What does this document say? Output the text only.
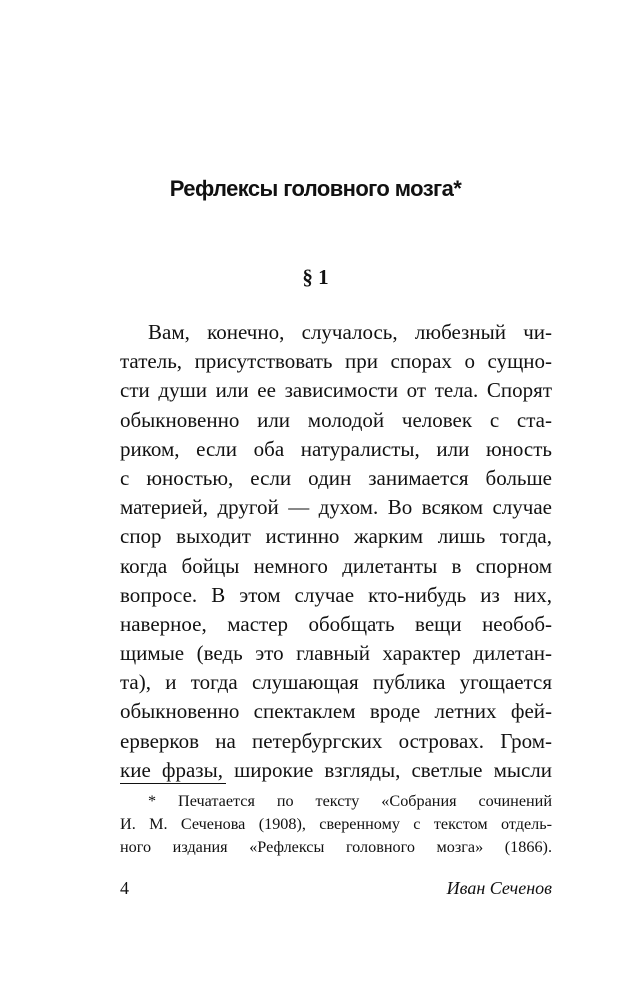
Рефлексы головного мозга*
§ 1
Вам, конечно, случалось, любезный чи-
татель, присутствовать при спорах о сущно-
сти души или ее зависимости от тела. Спорят
обыкновенно или молодой человек с ста-
риком, если оба натуралисты, или юность
с юностью, если один занимается больше
материей, другой — духом. Во всяком случае
спор выходит истинно жарким лишь тогда,
когда бойцы немного дилетанты в спорном
вопросе. В этом случае кто-нибудь из них,
наверное, мастер обобщать вещи необоб-
щимые (ведь это главный характер дилетан-
та), и тогда слушающая публика угощается
обыкновенно спектаклем вроде летних фей-
ерверков на петербургских островах. Гром-
кие фразы, широкие взгляды, светлые мысли
* Печатается по тексту «Собрания сочинений
И. М. Сеченова (1908), сверенному с текстом отдель-
ного издания «Рефлексы головного мозга» (1866).
4	Иван Сеченов
